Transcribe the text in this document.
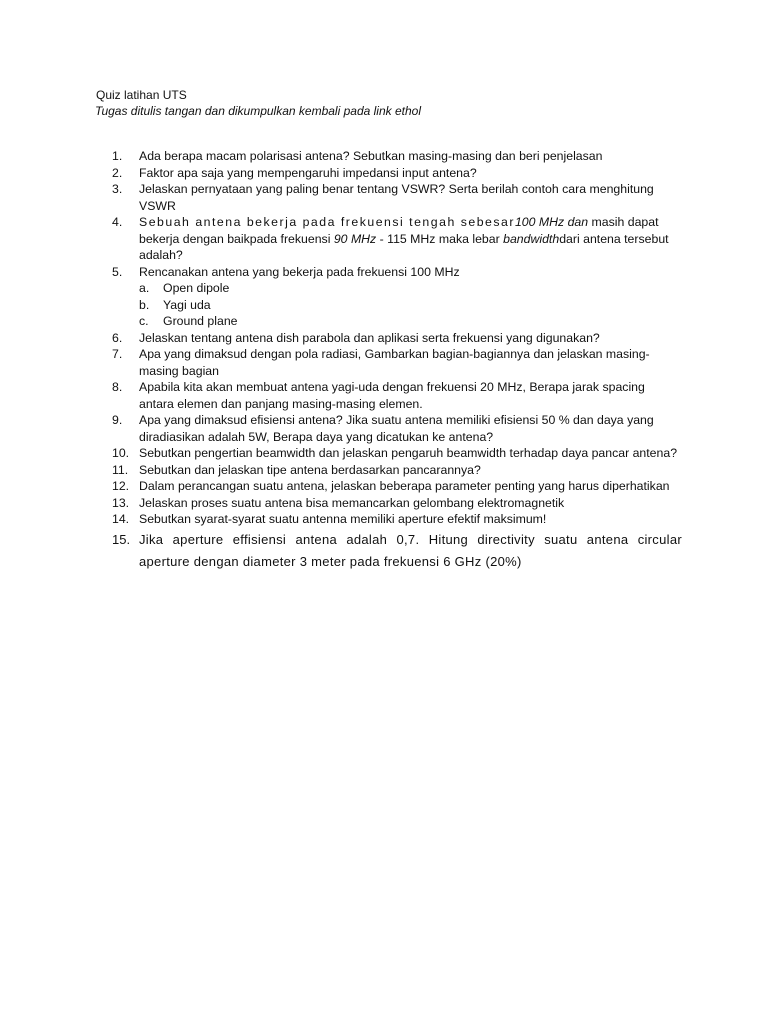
Quiz latihan UTS
Tugas ditulis tangan dan dikumpulkan kembali pada link ethol
1.	Ada berapa macam polarisasi antena? Sebutkan masing-masing dan beri penjelasan
2.	Faktor apa saja yang mempengaruhi impedansi input antena?
3.	Jelaskan pernyataan yang paling benar tentang VSWR? Serta berilah contoh cara menghitung VSWR
4.	Sebuah antena bekerja pada frekuensi tengah sebesar100 MHz dan masih dapat bekerja dengan baikpada frekuensi 90 MHz - 115 MHz maka lebar bandwidthdari antena tersebut adalah?
5.	Rencanakan antena yang bekerja pada frekuensi 100 MHz
a.	Open dipole
b.	Yagi uda
c.	Ground plane
6.	Jelaskan tentang antena dish parabola dan aplikasi serta frekuensi yang digunakan?
7.	Apa yang dimaksud dengan pola radiasi, Gambarkan bagian-bagiannya dan jelaskan masing-masing bagian
8.	Apabila kita akan membuat antena yagi-uda dengan frekuensi 20 MHz, Berapa jarak spacing antara elemen dan panjang masing-masing elemen.
9.	Apa yang dimaksud efisiensi antena? Jika suatu antena memiliki efisiensi 50 % dan daya yang diradiasikan adalah 5W, Berapa daya yang dicatukan ke antena?
10. Sebutkan pengertian beamwidth dan jelaskan pengaruh beamwidth terhadap daya pancar antena?
11. Sebutkan dan jelaskan tipe antena berdasarkan pancarannya?
12. Dalam perancangan suatu antena, jelaskan beberapa parameter penting yang harus diperhatikan
13. Jelaskan proses suatu antena bisa memancarkan gelombang elektromagnetik
14. Sebutkan syarat-syarat suatu antenna memiliki aperture efektif maksimum!
15. Jika aperture effisiensi antena adalah 0,7. Hitung directivity suatu antena circular aperture dengan diameter 3 meter pada frekuensi 6 GHz (20%)
